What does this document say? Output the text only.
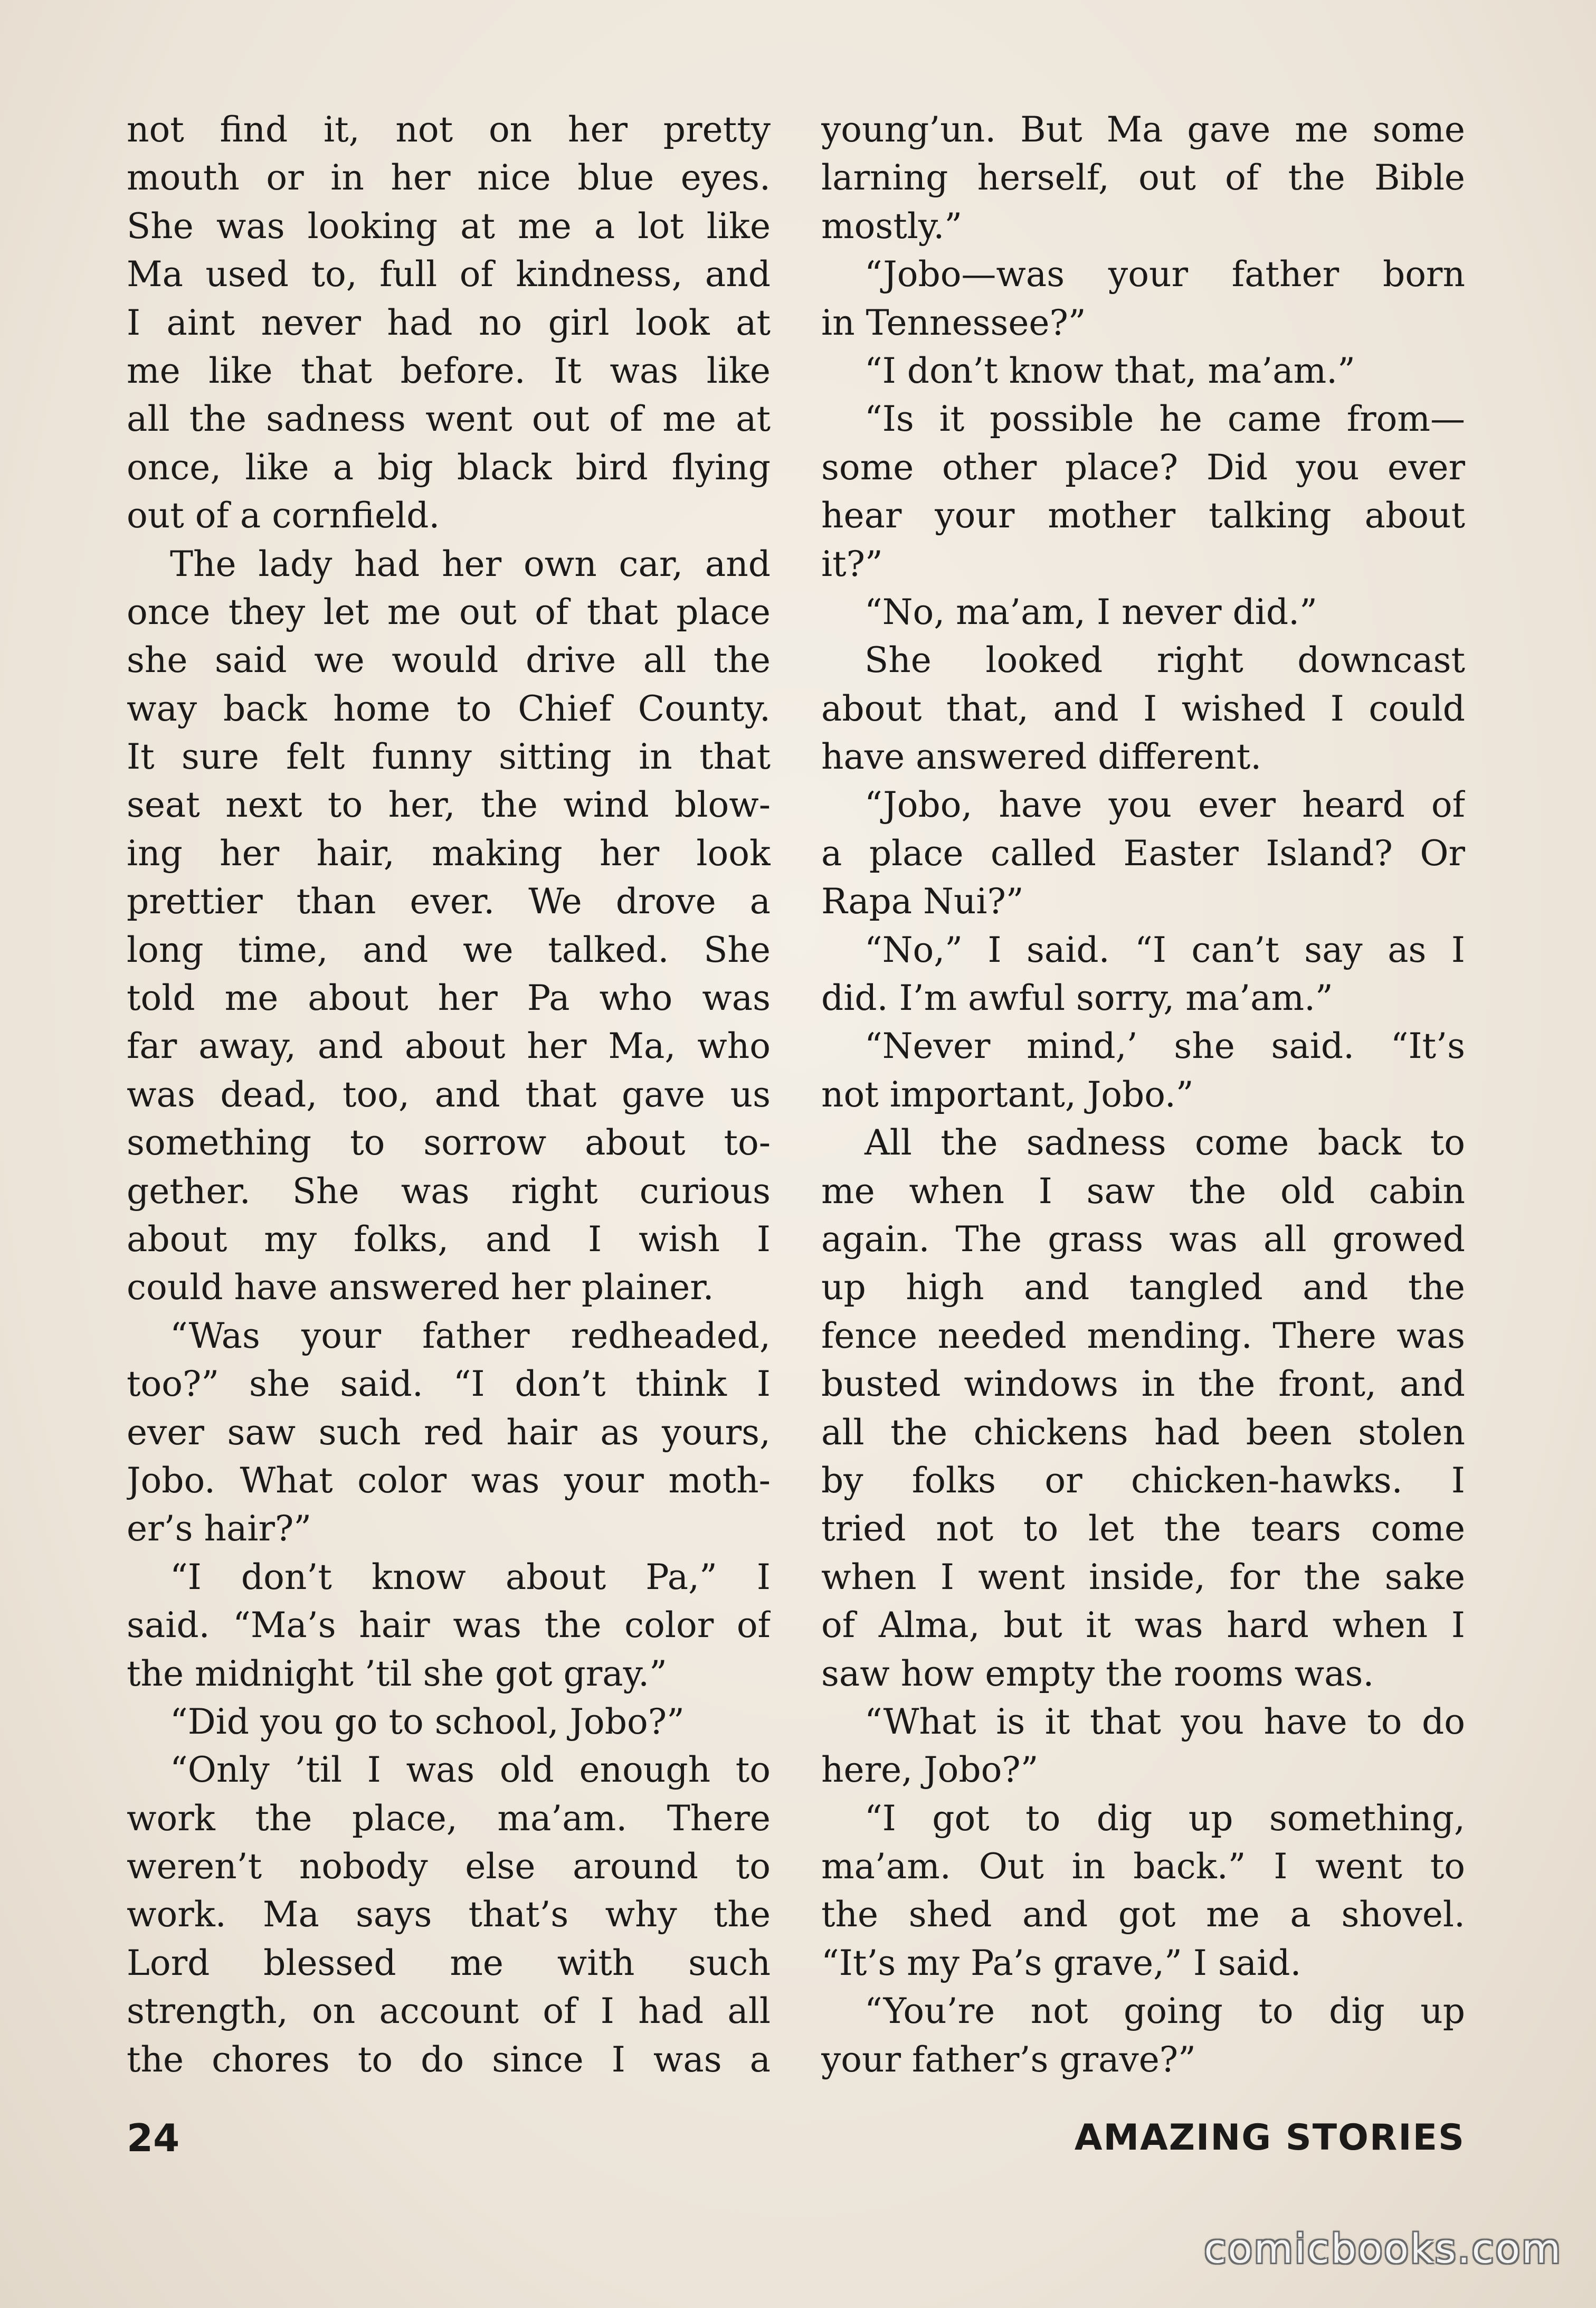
not find it, not on her pretty
mouth or in her nice blue eyes.
She was looking at me a lot like
Ma used to, full of kindness, and
I aint never had no girl look at
me like that before. It was like
all the sadness went out of me at
once, like a big black bird flying
out of a cornfield.
The lady had her own car, and
once they let me out of that place
she said we would drive all the
way back home to Chief County.
It sure felt funny sitting in that
seat next to her, the wind blow-
ing her hair, making her look
prettier than ever. We drove a
long time, and we talked. She
told me about her Pa who was
far away, and about her Ma, who
was dead, too, and that gave us
something to sorrow about to-
gether. She was right curious
about my folks, and I wish I
could have answered her plainer.
“Was your father redheaded,
too?” she said. “I don’t think I
ever saw such red hair as yours,
Jobo. What color was your moth-
er’s hair?”
“I don’t know about Pa,” I
said. “Ma’s hair was the color of
the midnight ’til she got gray.”
“Did you go to school, Jobo?”
“Only ’til I was old enough to
work the place, ma’am. There
weren’t nobody else around to
work. Ma says that’s why the
Lord blessed me with such
strength, on account of I had all
the chores to do since I was a
young’un. But Ma gave me some
larning herself, out of the Bible
mostly.”
“Jobo—was your father born
in Tennessee?”
“I don’t know that, ma’am.”
“Is it possible he came from—
some other place? Did you ever
hear your mother talking about
it?”
“No, ma’am, I never did.”
She looked right downcast
about that, and I wished I could
have answered different.
“Jobo, have you ever heard of
a place called Easter Island? Or
Rapa Nui?”
“No,” I said. “I can’t say as I
did. I’m awful sorry, ma’am.”
“Never mind,’ she said. “It’s
not important, Jobo.”
All the sadness come back to
me when I saw the old cabin
again. The grass was all growed
up high and tangled and the
fence needed mending. There was
busted windows in the front, and
all the chickens had been stolen
by folks or chicken-hawks. I
tried not to let the tears come
when I went inside, for the sake
of Alma, but it was hard when I
saw how empty the rooms was.
“What is it that you have to do
here, Jobo?”
“I got to dig up something,
ma’am. Out in back.” I went to
the shed and got me a shovel.
“It’s my Pa’s grave,” I said.
“You’re not going to dig up
your father’s grave?”
24	AMAZING STORIES
comicbooks.com
